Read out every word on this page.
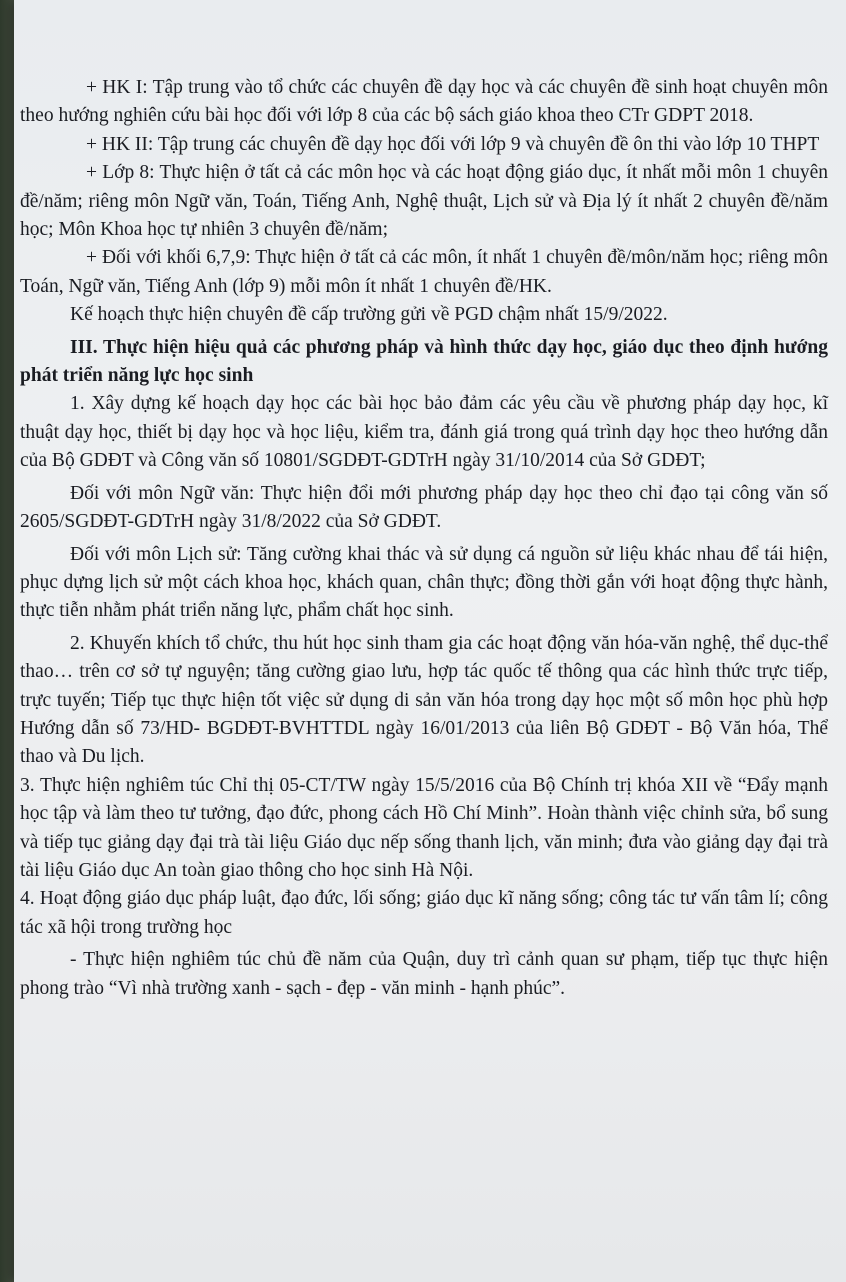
+ HK I: Tập trung vào tổ chức các chuyên đề dạy học và các chuyên đề sinh hoạt chuyên môn theo hướng nghiên cứu bài học đối với lớp 8 của các bộ sách giáo khoa theo CTr GDPT 2018.

+ HK II: Tập trung các chuyên đề dạy học đối với lớp 9 và chuyên đề ôn thi vào lớp 10 THPT

+ Lớp 8: Thực hiện ở tất cả các môn học và các hoạt động giáo dục, ít nhất mỗi môn 1 chuyên đề/năm; riêng môn Ngữ văn, Toán, Tiếng Anh, Nghệ thuật, Lịch sử và Địa lý ít nhất 2 chuyên đề/năm học; Môn Khoa học tự nhiên 3 chuyên đề/năm;

+ Đối với khối 6,7,9: Thực hiện ở tất cả các môn, ít nhất 1 chuyên đề/môn/năm học; riêng môn Toán, Ngữ văn, Tiếng Anh (lớp 9) mỗi môn ít nhất 1 chuyên đề/HK.

Kế hoạch thực hiện chuyên đề cấp trường gửi về PGD chậm nhất 15/9/2022.

III. Thực hiện hiệu quả các phương pháp và hình thức dạy học, giáo dục theo định hướng phát triển năng lực học sinh

1. Xây dựng kế hoạch dạy học các bài học bảo đảm các yêu cầu về phương pháp dạy học, kĩ thuật dạy học, thiết bị dạy học và học liệu, kiểm tra, đánh giá trong quá trình dạy học theo hướng dẫn của Bộ GDĐT và Công văn số 10801/SGDĐT-GDTrH ngày 31/10/2014 của Sở GDĐT;

Đối với môn Ngữ văn: Thực hiện đổi mới phương pháp dạy học theo chỉ đạo tại công văn số 2605/SGDĐT-GDTrH ngày 31/8/2022 của Sở GDĐT.

Đối với môn Lịch sử: Tăng cường khai thác và sử dụng cá nguồn sử liệu khác nhau để tái hiện, phục dựng lịch sử một cách khoa học, khách quan, chân thực; đồng thời gắn với hoạt động thực hành, thực tiễn nhằm phát triển năng lực, phẩm chất học sinh.

2. Khuyến khích tổ chức, thu hút học sinh tham gia các hoạt động văn hóa-văn nghệ, thể dục-thể thao… trên cơ sở tự nguyện; tăng cường giao lưu, hợp tác quốc tế thông qua các hình thức trực tiếp, trực tuyến; Tiếp tục thực hiện tốt việc sử dụng di sản văn hóa trong dạy học một số môn học phù hợp Hướng dẫn số 73/HD- BGDĐT-BVHTTDL ngày 16/01/2013 của liên Bộ GDĐT - Bộ Văn hóa, Thể thao và Du lịch.

3. Thực hiện nghiêm túc Chỉ thị 05-CT/TW ngày 15/5/2016 của Bộ Chính trị khóa XII về “Đẩy mạnh học tập và làm theo tư tưởng, đạo đức, phong cách Hồ Chí Minh”. Hoàn thành việc chỉnh sửa, bổ sung và tiếp tục giảng dạy đại trà tài liệu Giáo dục nếp sống thanh lịch, văn minh; đưa vào giảng dạy đại trà tài liệu Giáo dục An toàn giao thông cho học sinh Hà Nội.

4. Hoạt động giáo dục pháp luật, đạo đức, lối sống; giáo dục kĩ năng sống; công tác tư vấn tâm lí; công tác xã hội trong trường học

- Thực hiện nghiêm túc chủ đề năm của Quận, duy trì cảnh quan sư phạm, tiếp tục thực hiện phong trào “Vì nhà trường xanh - sạch - đẹp - văn minh - hạnh phúc”.
